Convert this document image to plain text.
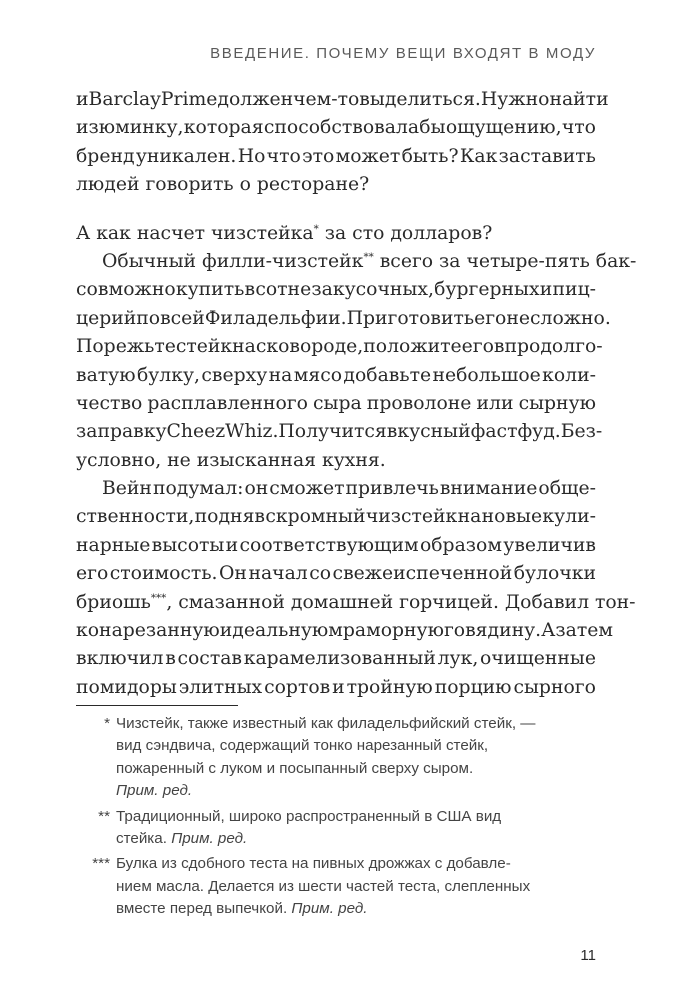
ВВЕДЕНИЕ. ПОЧЕМУ ВЕЩИ ВХОДЯТ В МОДУ
и Barclay Prime должен чем-то выделиться. Нужно найти
изюминку, которая способствовала бы ощущению, что
бренд уникален. Но что это может быть? Как заставить
людей говорить о ресторане?
А как насчет чизстейка* за сто долларов?
Обычный филли-чизстейк** всего за четыре-пять бак-
сов можно купить в сотне закусочных, бургерных и пиц-
церий по всей Филадельфии. Приготовить его несложно.
Порежьте стейк на сковороде, положите его в продолго-
ватую булку, сверху на мясо добавьте небольшое коли-
чество расплавленного сыра проволоне или сырную
заправку Cheez Whiz. Получится вкусный фастфуд. Без-
условно, не изысканная кухня.
Вейн подумал: он сможет привлечь внимание обще-
ственности, подняв скромный чизстейк на новые кули-
нарные высоты и соответствующим образом увеличив
его стоимость. Он начал со свежеиспеченной булочки
бриошь***, смазанной домашней горчицей. Добавил тон-
ко нарезанную идеальную мраморную говядину. А затем
включил в состав карамелизованный лук, очищенные
помидоры элитных сортов и тройную порцию сырного
* Чизстейк, также известный как филадельфийский стейк, —
вид сэндвича, содержащий тонко нарезанный стейк,
пожаренный с луком и посыпанный сверху сыром.
Прим. ред.
** Традиционный, широко распространенный в США вид
стейка. Прим. ред.
*** Булка из сдобного теста на пивных дрожжах с добавле-
нием масла. Делается из шести частей теста, слепленных
вместе перед выпечкой. Прим. ред.
11
